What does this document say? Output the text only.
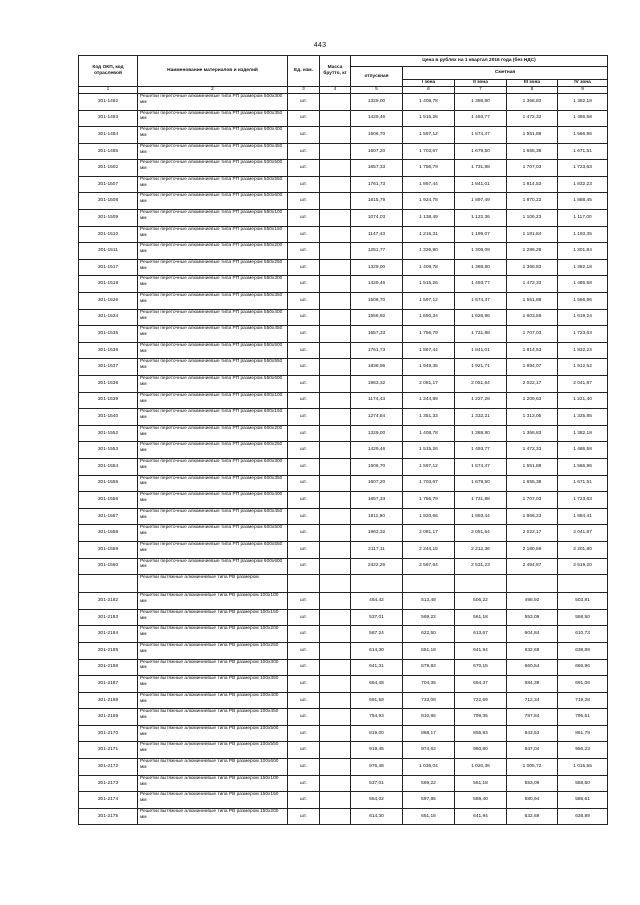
443
Код ОКП, код отраслевой	Наименование материалов и изделий	Ед. изм.	Масса брутто, кг	Цена в рублях на 1 квартал 2016 года (без НДС)				
				отпускная	Сметная			
					I зона	II зона	III зона	IV зона
1	2	3	4	5	6	7	8	9
301-1482	Решетки переточные алюминиевые типа РП размером 500х300 мм	шт.		1329,00	1 408,78	1 388,80	1 368,83	1 382,18
301-1483	Решетки переточные алюминиевые типа РП размером 500х350 мм	шт.		1429,46	1 515,26	1 493,77	1 472,32	1 486,58
301-1484	Решетки переточные алюминиевые типа РП размером 500х400 мм	шт.		1506,70	1 597,12	1 574,47	1 551,88	1 566,96
301-1485	Решетки переточные алюминиевые типа РП размером 500х450 мм	шт.		1607,20	1 703,67	1 679,50	1 655,38	1 671,51
301-1502	Решетки переточные алюминиевые типа РП размером 500х500 мм	шт.		1657,33	1 756,79	1 731,88	1 707,03	1 723,63
301-1507	Решетки переточные алюминиевые типа РП размером 500х550 мм	шт.		1761,73	1 867,44	1 841,01	1 814,53	1 832,23
301-1508	Решетки переточные алюминиевые типа РП размером 500х600 мм	шт.		1815,79	1 924,78	1 897,49	1 870,22	1 888,45
301-1509	Решетки переточные алюминиевые типа РП размером 550х100 мм	шт.		1074,03	1 138,49	1 122,36	1 106,23	1 117,00
301-1510	Решетки переточные алюминиевые типа РП размером 550х150 мм	шт.		1147,43	1 216,31	1 199,07	1 181,84	1 193,35
301-1511	Решетки переточные алюминиевые типа РП размером 550х200 мм	шт.		1251,77	1 326,90	1 308,09	1 289,28	1 301,84
301-1517	Решетки переточные алюминиевые типа РП размером 550х250 мм	шт.		1329,00	1 408,78	1 388,80	1 368,83	1 382,18
301-1518	Решетки переточные алюминиевые типа РП размером 550х300 мм	шт.		1429,46	1 515,26	1 493,77	1 472,33	1 486,58
301-1526	Решетки переточные алюминиевые типа РП размером 550х350 мм	шт.		1506,70	1 597,12	1 574,47	1 551,88	1 566,96
301-1534	Решетки переточные алюминиевые типа РП размером 550х400 мм	шт.		1556,92	1 650,34	1 626,96	1 603,58	1 619,24
301-1535	Решетки переточные алюминиевые типа РП размером 550х450 мм	шт.		1657,33	1 756,79	1 731,88	1 707,03	1 723,63
301-1536	Решетки переточные алюминиевые типа РП размером 550х500 мм	шт.		1761,73	1 867,44	1 841,01	1 814,53	1 832,23
301-1537	Решетки переточные алюминиевые типа РП размером 550х550 мм	шт.		1838,96	1 949,35	1 921,71	1 894,07	1 912,52
301-1538	Решетки переточные алюминиевые типа РП размером 550х600 мм	шт.		1963,32	2 081,17	2 051,64	2 022,17	2 041,87
301-1539	Решетки переточные алюминиевые типа РП размером 600х100 мм	шт.		1174,43	1 244,89	1 227,29	1 209,63	1 221,40
301-1540	Решетки переточные алюминиевые типа РП размером 600х150 мм	шт.		1274,84	1 351,33	1 332,21	1 313,05	1 325,85
301-1552	Решетки переточные алюминиевые типа РП размером 600х200 мм	шт.		1329,00	1 408,78	1 388,80	1 368,83	1 382,18
301-1553	Решетки переточные алюминиевые типа РП размером 600х250 мм	шт.		1429,46	1 515,26	1 493,77	1 472,33	1 486,58
301-1554	Решетки переточные алюминиевые типа РП размером 600х300 мм	шт.		1506,70	1 597,12	1 574,47	1 551,88	1 566,96
301-1555	Решетки переточные алюминиевые типа РП размером 600х350 мм	шт.		1607,20	1 703,67	1 679,50	1 655,38	1 671,51
301-1556	Решетки переточные алюминиевые типа РП размером 600х400 мм	шт.		1657,33	1 756,79	1 731,88	1 707,03	1 723,63
301-1557	Решетки переточные алюминиевые типа РП размером 600х450 мм	шт.		1811,90	1 920,66	1 893,44	1 866,23	1 884,41
301-1558	Решетки переточные алюминиевые типа РП размером 600х500 мм	шт.		1963,32	2 081,17	2 051,64	2 022,17	2 041,87
301-1559	Решетки переточные алюминиевые типа РП размером 600х550 мм	шт.		2117,11	2 244,15	2 212,36	2 180,59	2 201,80
301-1560	Решетки переточные алюминиевые типа РП размером 600х600 мм	шт.		2422,26	2 567,64	2 531,23	2 494,87	2 519,20
	Решетки вытяжные алюминиевые типа РВ размером							
301-2182	Решетки вытяжные алюминиевые типа РВ размером 100х100 мм	шт.		484,42	513,48	506,22	498,92	503,81
301-2183	Решетки вытяжные алюминиевые типа РВ размером 100х150 мм	шт.		537,01	569,22	561,18	553,09	558,50
301-2184	Решетки вытяжные алюминиевые типа РВ размером 100х200 мм	шт.		587,24	622,50	613,67	604,84	610,73
301-2185	Решетки вытяжные алюминиевые типа РВ размером 100х250 мм	шт.		614,30	651,18	641,94	632,69	638,89
301-2186	Решетки вытяжные алюминиевые типа РВ размером 100х300 мм	шт.		641,31	679,82	670,15	660,54	666,96
301-2187	Решетки вытяжные алюминиевые типа РВ размером 100х350 мм	шт.		664,48	704,35	694,37	684,39	691,06
301-2188	Решетки вытяжные алюминиевые типа РВ размером 100х400 мм	шт.		691,59	733,09	722,69	712,34	719,28
301-2169	Решетки вытяжные алюминиевые типа РВ размером 100х450 мм	шт.		764,93	810,85	799,35	787,84	795,51
301-2170	Решетки вытяжные алюминиевые типа РВ размером 100х500 мм	шт.		819,00	868,17	855,83	843,53	851,78
301-2171	Решетки вытяжные алюминиевые типа РВ размером 100х550 мм	шт.		919,45	974,62	960,80	947,04	956,23
301-2172	Решетки вытяжные алюминиевые типа РВ размером 100х600 мм	шт.		976,48	1 035,04	1 020,38	1 005,72	1 015,55
301-2173	Решетки вытяжные алюминиевые типа РВ размером 150х100 мм	шт.		537,01	569,22	561,18	553,09	558,50
301-2174	Решетки вытяжные алюминиевые типа РВ размером 150х150 мм	шт.		564,02	597,85	589,40	580,94	586,61
301-2175	Решетки вытяжные алюминиевые типа РВ размером 150х200 мм	шт.		614,30	651,18	641,94	632,69	638,89
